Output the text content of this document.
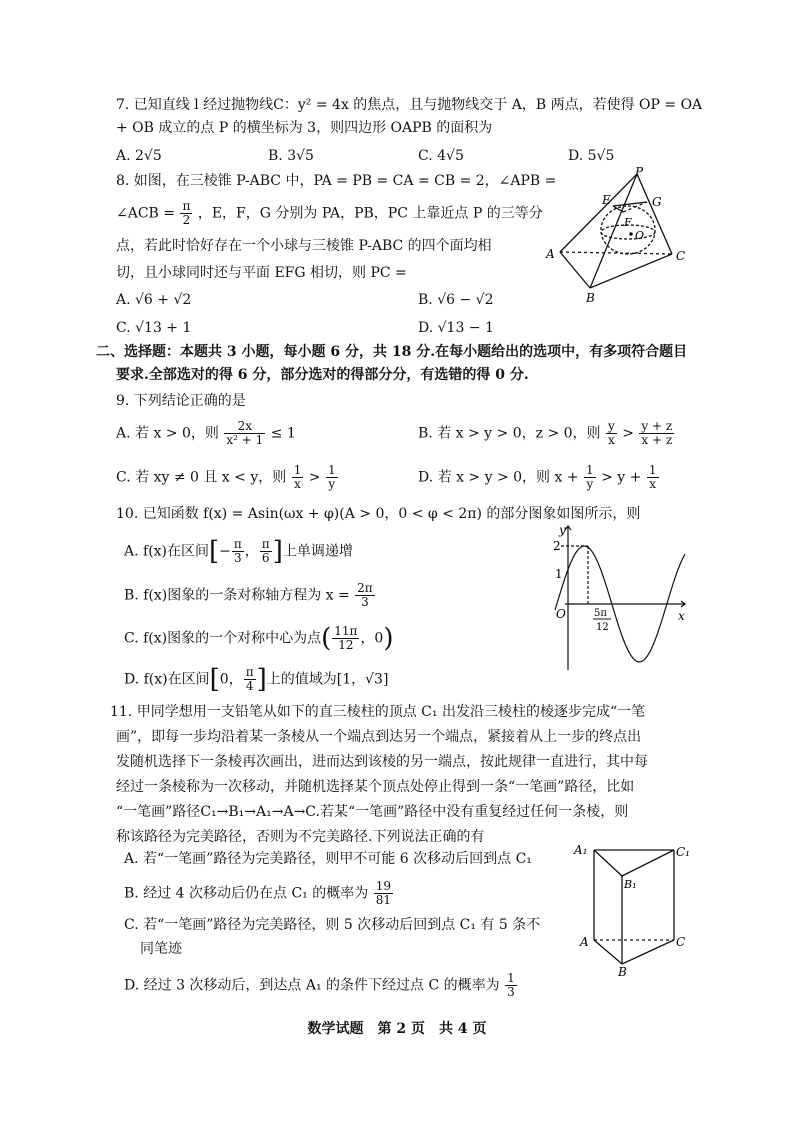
7. 已知直线 l 经过抛物线C：y² = 4x 的焦点，且与抛物线交于 A，B 两点，若使得 OP = OA
+ OB 成立的点 P 的横坐标为 3，则四边形 OAPB 的面积为
A. 2√5	B. 3√5	C. 4√5	D. 5√5
8. 如图，在三棱锥 P-ABC 中，PA = PB = CA = CB = 2，∠APB =
∠ACB = $\frac{\pi}{2}$ ，E，F，G 分别为 PA，PB，PC 上靠近点 P 的三等分
点，若此时恰好存在一个小球与三棱锥 P-ABC 的四个面均相
切，且小球同时还与平面 EFG 相切，则 PC =
A. √6 + √2	B. √6 − √2
C. √13 + 1	D. √13 − 1
P
E	G
F
O
A
B
C
二、选择题：本题共 3 小题，每小题 6 分，共 18 分.在每小题给出的选项中，有多项符合题目
要求.全部选对的得 6 分，部分选对的得部分分，有选错的得 0 分.
9. 下列结论正确的是
A. 若 x > 0，则 $\frac{2x}{\text{x² + 1}} \le 1$	B. 若 x > y > 0，z > 0，则 $\frac{y}{x} > \frac{y + z}{x + z}$
C. 若 xy ≠ 0 且 x < y，则 $\frac{1}{x} > \frac{1}{y}$	D. 若 x > y > 0，则 $x + \frac{1}{y} > y + \frac{1}{x}$
10. 已知函数 f(x) = Asin(ωx + φ)(A > 0，0 < φ < 2π) 的部分图象如图所示，则
A. f(x)在区间[− $\frac{\pi}{3}$ ， $\frac{\pi}{6}$ ]上单调递增
B. f(x)图象的一条对称轴方程为 $x = \frac{2\pi}{3}$
C. f(x)图象的一个对称中心为点( $\frac{11\pi}{12}$ ，0)
D. f(x)在区间[0， $\frac{\pi}{4}$ ]上的值域为[1，√3]
y
x
O
2
1
5π
12
11. 甲同学想用一支铅笔从如下的直三棱柱的顶点 C₁ 出发沿三棱柱的棱逐步完成“一笔
画”，即每一步均沿着某一条棱从一个端点到达另一个端点，紧接着从上一步的终点出
发随机选择下一条棱再次画出，进而达到该棱的另一端点，按此规律一直进行，其中每
经过一条棱称为一次移动，并随机选择某个顶点处停止得到一条“一笔画”路径，比如
“一笔画”路径C₁→B₁→A₁→A→C.若某“一笔画”路径中没有重复经过任何一条棱，则
称该路径为完美路径，否则为不完美路径.下列说法正确的有
A. 若“一笔画”路径为完美路径，则甲不可能 6 次移动后回到点 C₁
B. 经过 4 次移动后仍在点 C₁ 的概率为 $\frac{19}{81}$
C. 若“一笔画”路径为完美路径，则 5 次移动后回到点 C₁ 有 5 条不
同笔迹
D. 经过 3 次移动后，到达点 A₁ 的条件下经过点 C 的概率为 $\frac{1}{3}$
A₁	C₁
B₁
A	C
B
数学试题　第 2 页　共 4 页
